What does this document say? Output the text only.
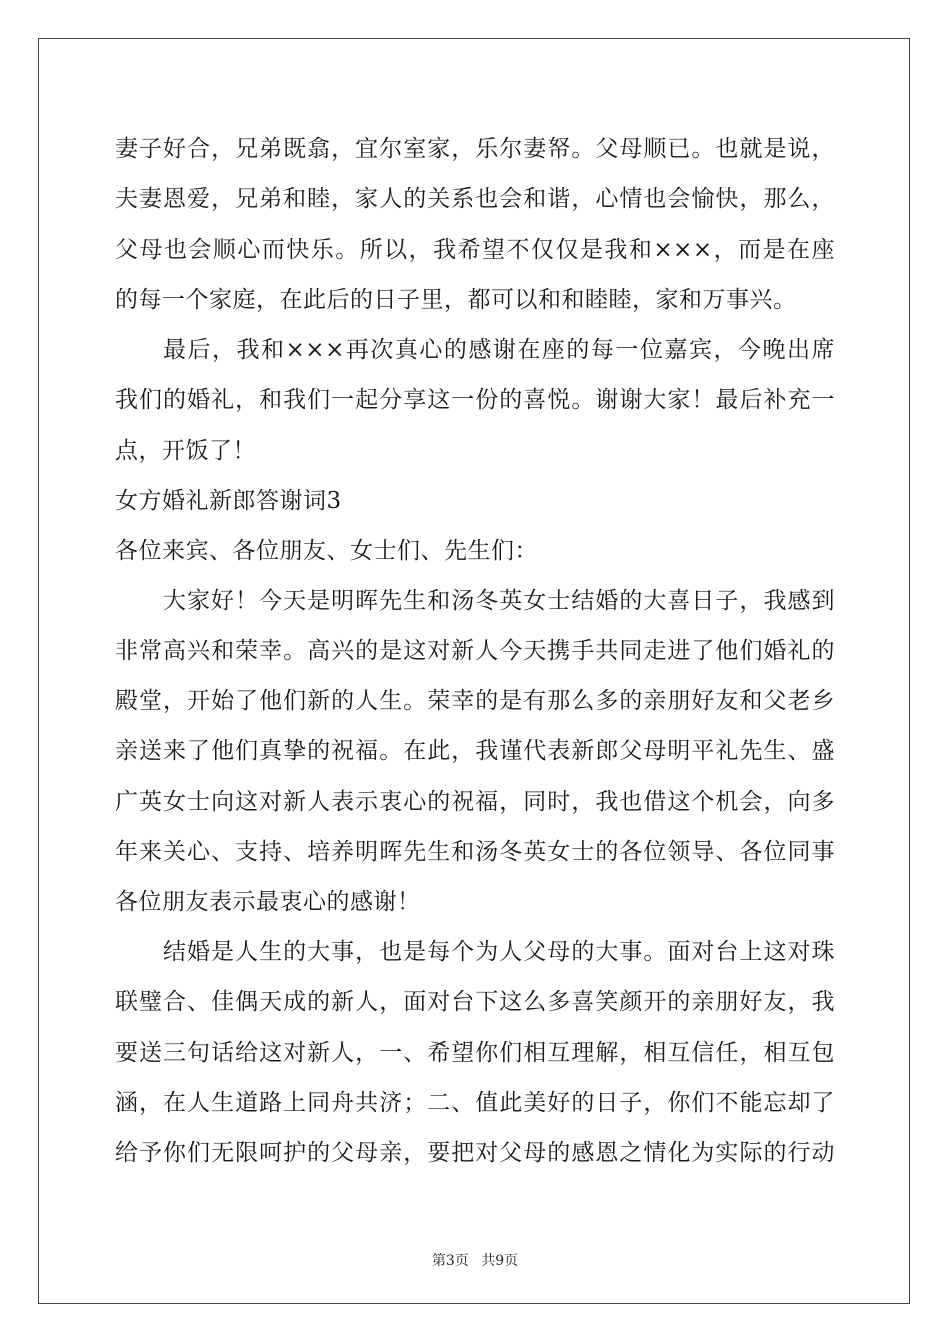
妻子好合，兄弟既翕，宜尔室家，乐尔妻帑。父母顺已。也就是说，
夫妻恩爱，兄弟和睦，家人的关系也会和谐，心情也会愉快，那么，
父母也会顺心而快乐。所以，我希望不仅仅是我和×××，而是在座
的每一个家庭，在此后的日子里，都可以和和睦睦，家和万事兴。
最后，我和×××再次真心的感谢在座的每一位嘉宾，今晚出席
我们的婚礼，和我们一起分享这一份的喜悦。谢谢大家！最后补充一
点，开饭了！
女方婚礼新郎答谢词3
各位来宾、各位朋友、女士们、先生们：
大家好！今天是明晖先生和汤冬英女士结婚的大喜日子，我感到
非常高兴和荣幸。高兴的是这对新人今天携手共同走进了他们婚礼的
殿堂，开始了他们新的人生。荣幸的是有那么多的亲朋好友和父老乡
亲送来了他们真挚的祝福。在此，我谨代表新郎父母明平礼先生、盛
广英女士向这对新人表示衷心的祝福，同时，我也借这个机会，向多
年来关心、支持、培养明晖先生和汤冬英女士的各位领导、各位同事
各位朋友表示最衷心的感谢！
结婚是人生的大事，也是每个为人父母的大事。面对台上这对珠
联璧合、佳偶天成的新人，面对台下这么多喜笑颜开的亲朋好友，我
要送三句话给这对新人，一、希望你们相互理解，相互信任，相互包
涵，在人生道路上同舟共济；二、值此美好的日子，你们不能忘却了
给予你们无限呵护的父母亲，要把对父母的感恩之情化为实际的行动
第3页 共9页
